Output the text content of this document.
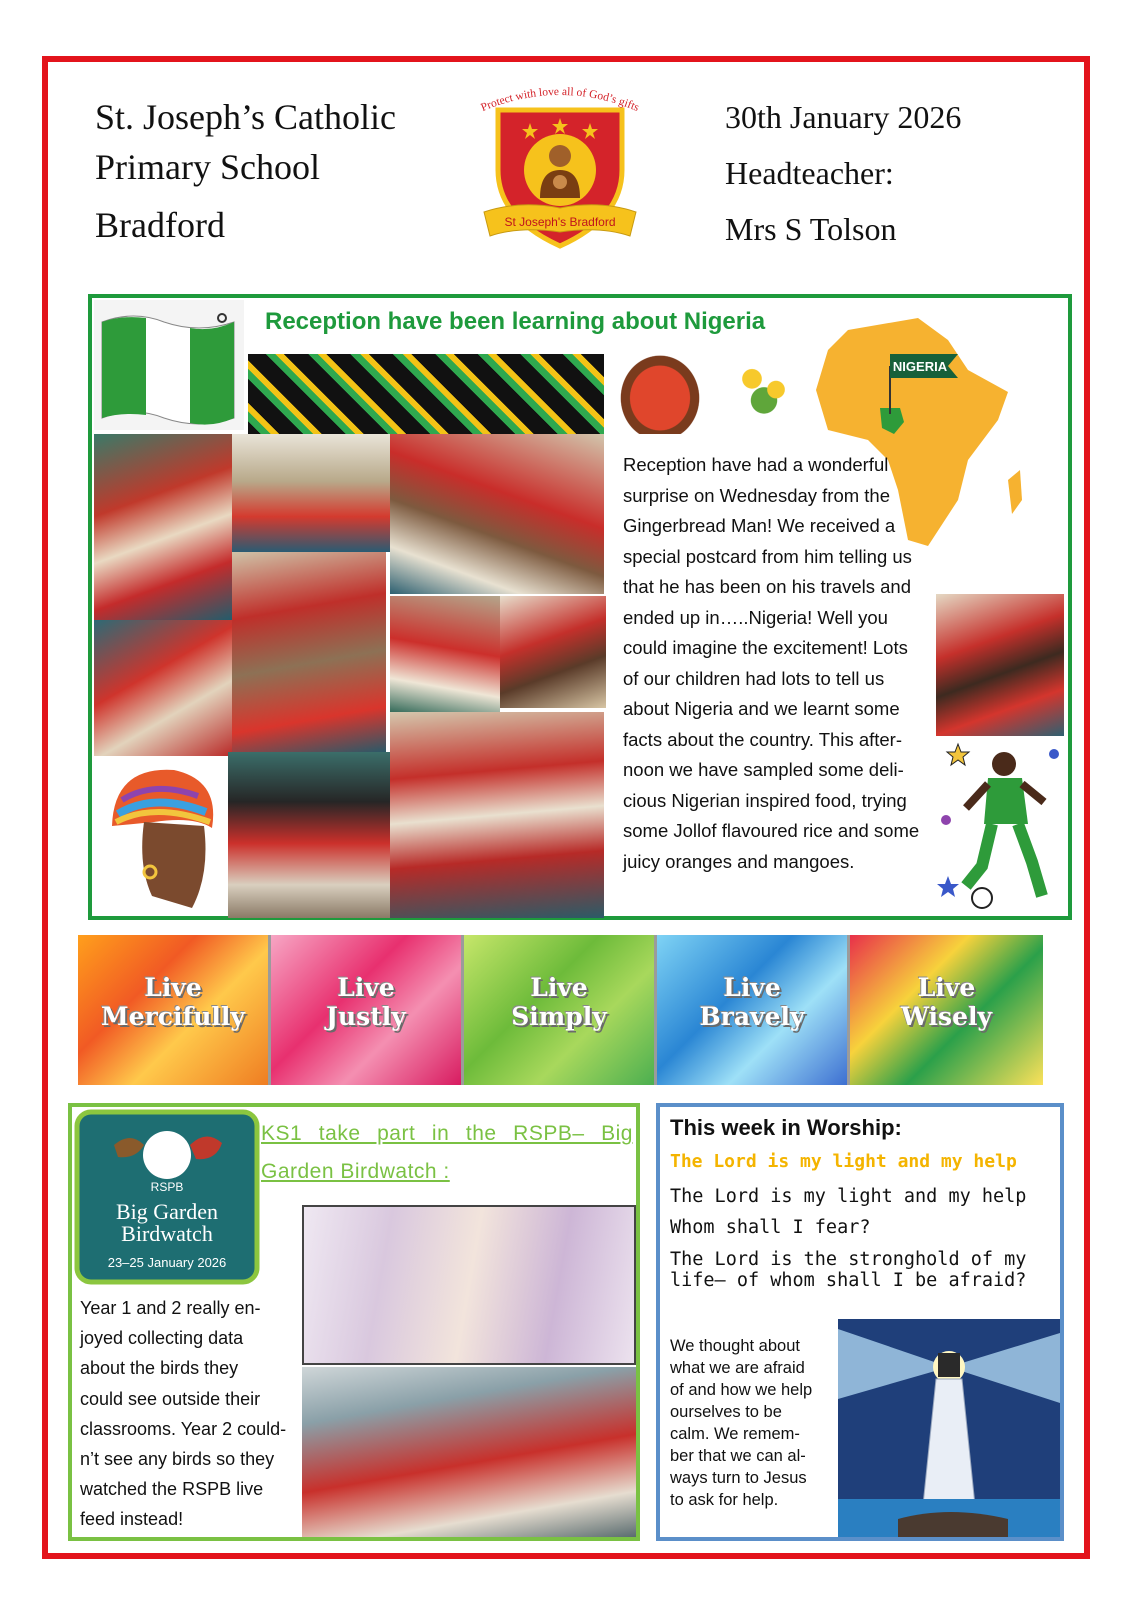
St. Joseph’s Catholic
Primary School
Bradford
Protect with love all of God’s gifts
St Joseph's Bradford
30th January 2026
Headteacher:
Mrs S Tolson
Reception have been learning about Nigeria
NIGERIA

Reception have had a wonderful
surprise on Wednesday from the
Gingerbread Man! We received a
special postcard from him telling us
that he has been on his travels and
ended up in…..Nigeria! Well you
could imagine the excitement! Lots
of our children had lots to tell us
about Nigeria and we learnt some
facts about the country. This after-
noon we have sampled some deli-
cious Nigerian inspired food, trying
some Jollof flavoured rice and some
juicy oranges and mangoes.

Live
Mercifully
Live
Justly
Live
Simply
Live
Bravely
Live
Wisely
RSPB
Big Garden
Birdwatch
23–25 January 2026
KS1 take part in the RSPB– Big Garden Birdwatch :
Year 1 and 2 really en-
joyed collecting data
about the birds they
could see outside their
classrooms. Year 2 could-
n’t see any birds so they
watched the RSPB live
feed instead!
This week in Worship:
The Lord is my light and my help
The Lord is my light and my help
Whom shall I fear?
The Lord is the stronghold of my life– of whom shall I be afraid?
We thought about
what we are afraid
of and how we help
ourselves to be
calm. We remem-
ber that we can al-
ways turn to Jesus
to ask for help.
